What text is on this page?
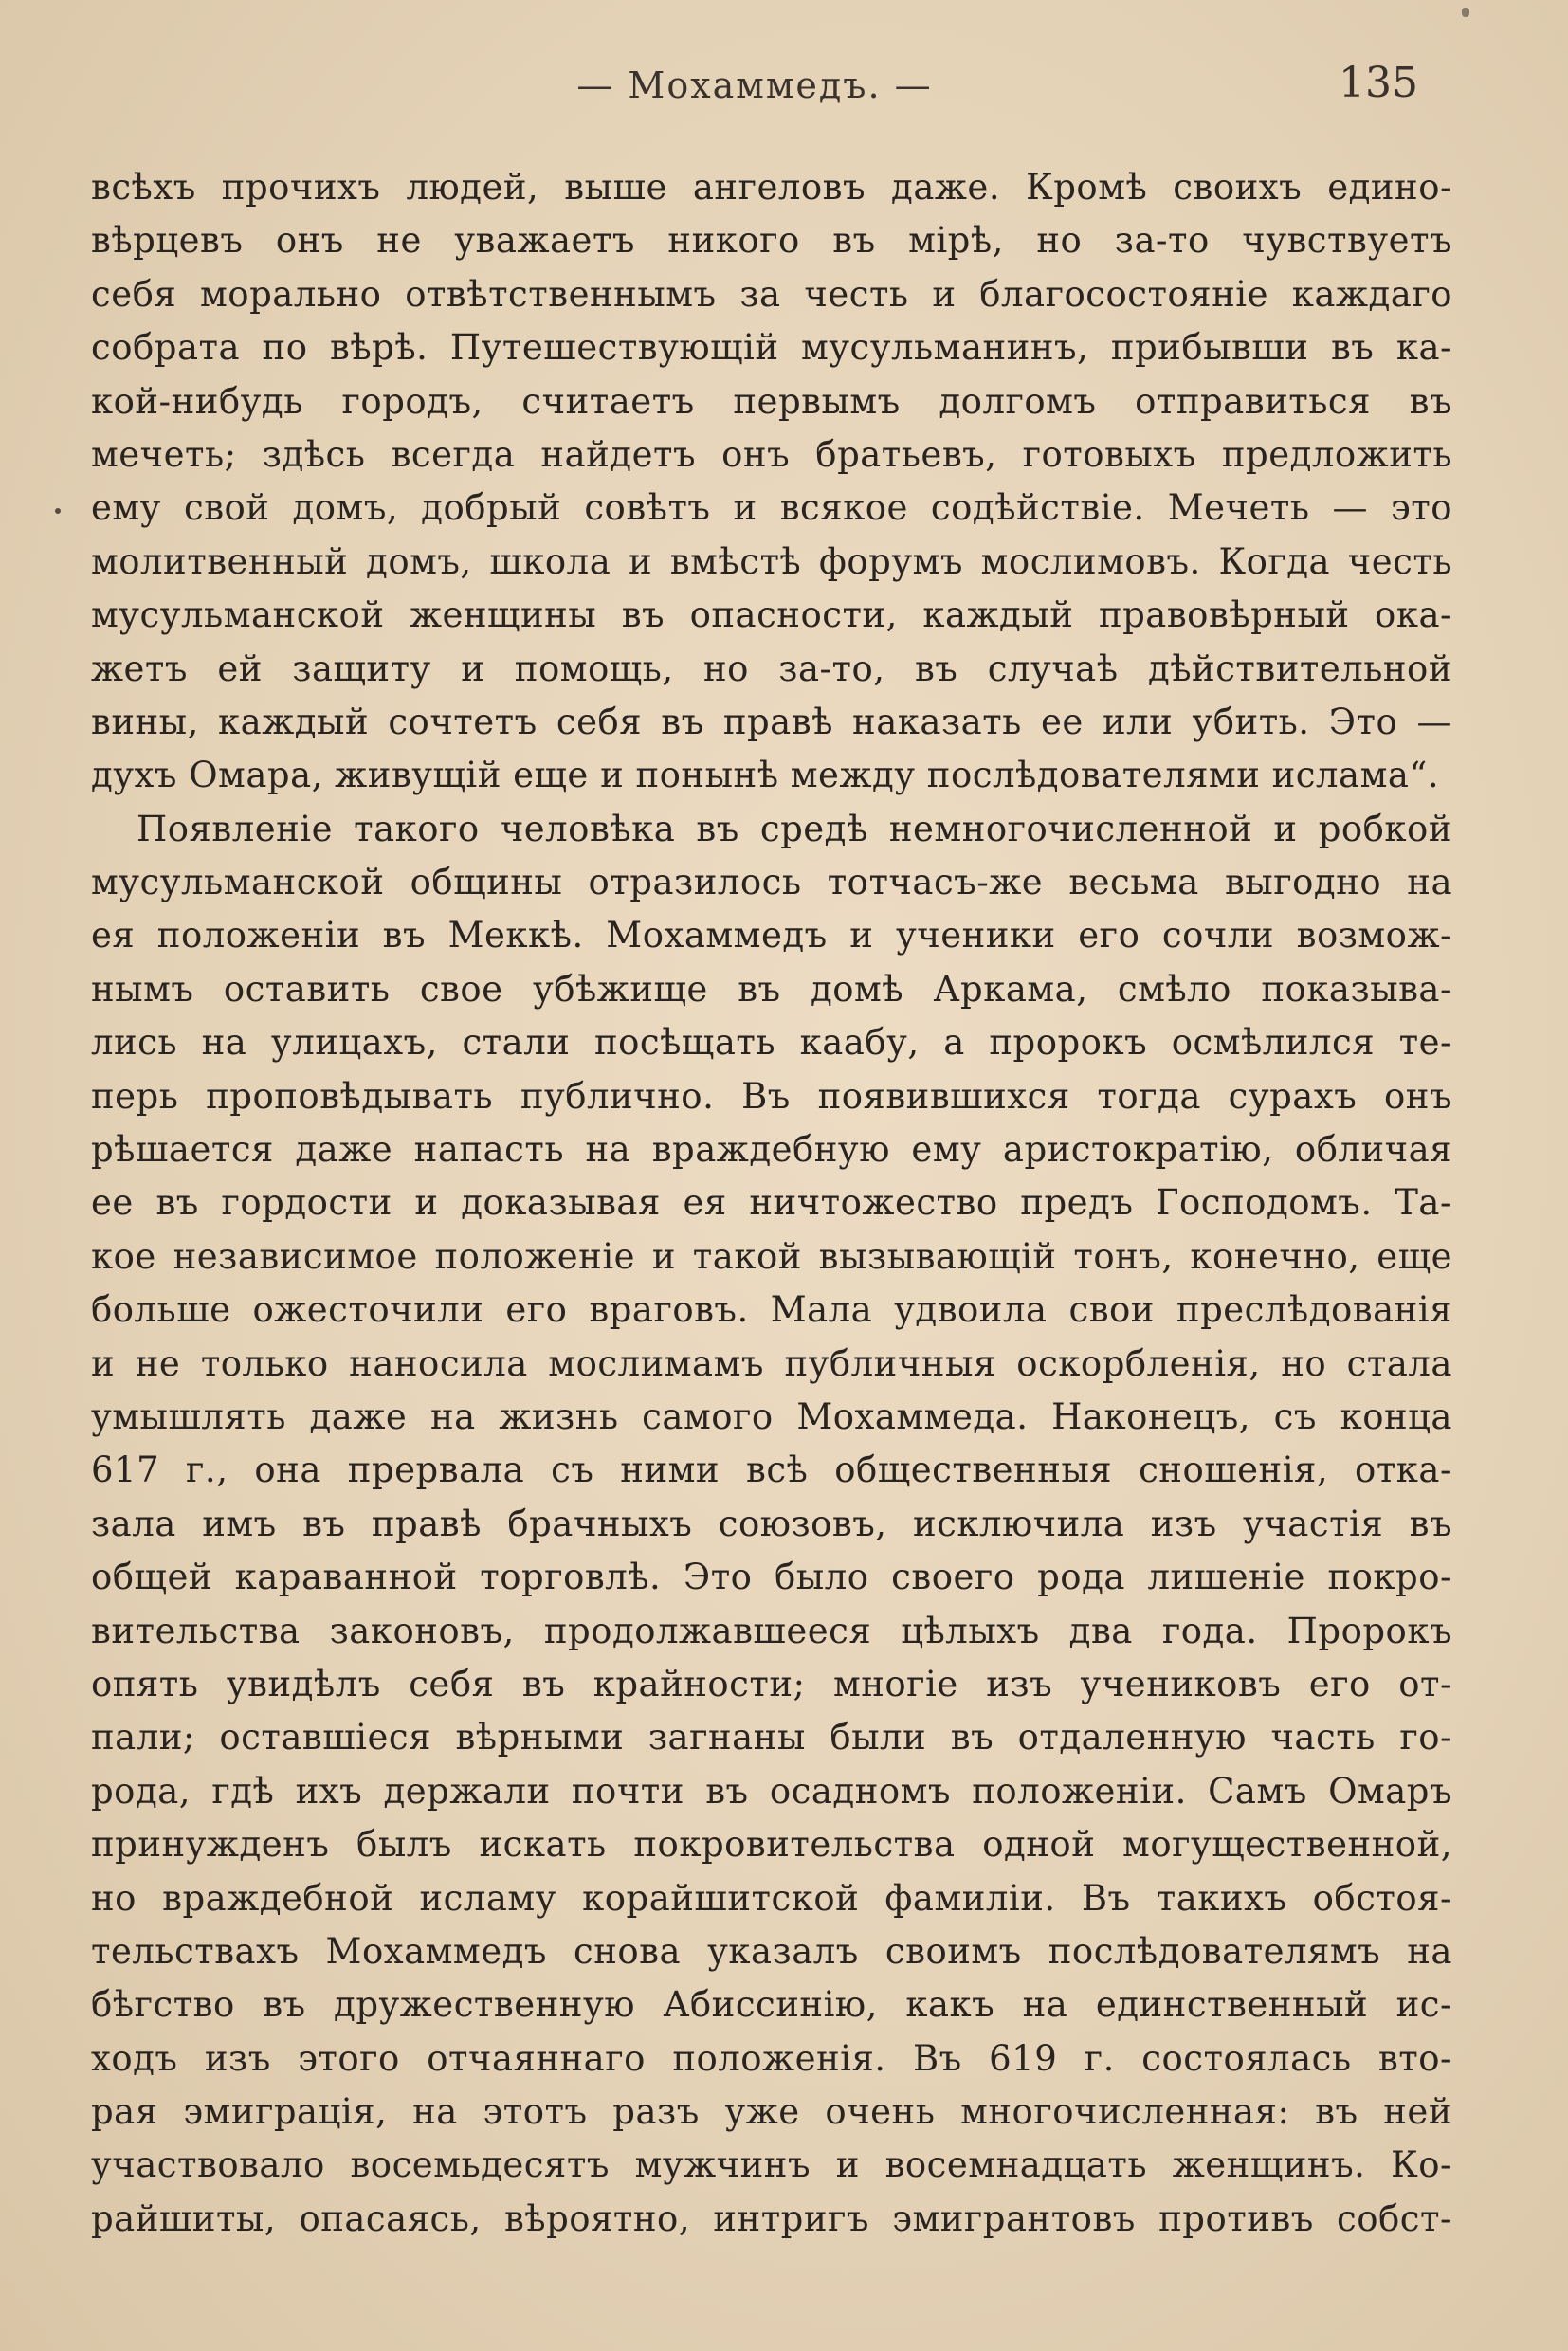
— Мохаммедъ. —	135
всѣхъ прочихъ людей, выше ангеловъ даже. Кромѣ своихъ едино-
вѣрцевъ онъ не уважаетъ никого въ мірѣ, но за-то чувствуетъ
себя морально отвѣтственнымъ за честь и благосостояніе каждаго
собрата по вѣрѣ. Путешествующій мусульманинъ, прибывши въ ка-
кой-нибудь городъ, считаетъ первымъ долгомъ отправиться въ
мечеть; здѣсь всегда найдетъ онъ братьевъ, готовыхъ предложить
ему свой домъ, добрый совѣтъ и всякое содѣйствіе. Мечеть — это
молитвенный домъ, школа и вмѣстѣ форумъ мослимовъ. Когда честь
мусульманской женщины въ опасности, каждый правовѣрный ока-
жетъ ей защиту и помощь, но за-то, въ случаѣ дѣйствительной
вины, каждый сочтетъ себя въ правѣ наказать ее или убить. Это —
духъ Омара, живущій еще и понынѣ между послѣдователями ислама“.
Появленіе такого человѣка въ средѣ немногочисленной и робкой
мусульманской общины отразилось тотчасъ-же весьма выгодно на
ея положеніи въ Меккѣ. Мохаммедъ и ученики его сочли возмож-
нымъ оставить свое убѣжище въ домѣ Аркама, смѣло показыва-
лись на улицахъ, стали посѣщать каабу, а пророкъ осмѣлился те-
перь проповѣдывать публично. Въ появившихся тогда сурахъ онъ
рѣшается даже напасть на враждебную ему аристократію, обличая
ее въ гордости и доказывая ея ничтожество предъ Господомъ. Та-
кое независимое положеніе и такой вызывающій тонъ, конечно, еще
больше ожесточили его враговъ. Мала удвоила свои преслѣдованія
и не только наносила мослимамъ публичныя оскорбленія, но стала
умышлять даже на жизнь самого Мохаммеда. Наконецъ, съ конца
617 г., она прервала съ ними всѣ общественныя сношенія, отка-
зала имъ въ правѣ брачныхъ союзовъ, исключила изъ участія въ
общей караванной торговлѣ. Это было своего рода лишеніе покро-
вительства законовъ, продолжавшееся цѣлыхъ два года. Пророкъ
опять увидѣлъ себя въ крайности; многіе изъ учениковъ его от-
пали; оставшіеся вѣрными загнаны были въ отдаленную часть го-
рода, гдѣ ихъ держали почти въ осадномъ положеніи. Самъ Омаръ
принужденъ былъ искать покровительства одной могущественной,
но враждебной исламу корайшитской фамиліи. Въ такихъ обстоя-
тельствахъ Мохаммедъ снова указалъ своимъ послѣдователямъ на
бѣгство въ дружественную Абиссинію, какъ на единственный ис-
ходъ изъ этого отчаяннаго положенія. Въ 619 г. состоялась вто-
рая эмиграція, на этотъ разъ уже очень многочисленная: въ ней
участвовало восемьдесятъ мужчинъ и восемнадцать женщинъ. Ко-
райшиты, опасаясь, вѣроятно, интригъ эмигрантовъ противъ собст-
